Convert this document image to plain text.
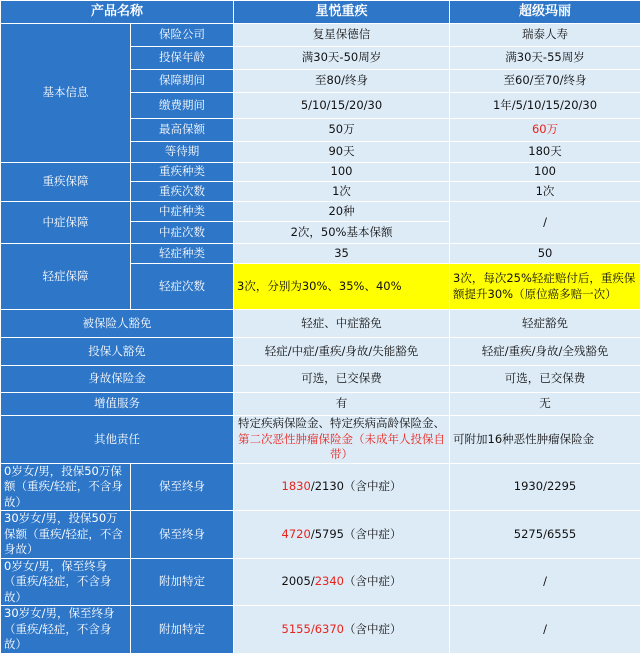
产品名称		星悦重疾	超级玛丽
基本信息	保险公司	复星保德信	瑞泰人寿
	投保年龄	满30天-50周岁	满30天-55周岁
	保障期间	至80/终身	至60/至70/终身
	缴费期间	5/10/15/20/30	1年/5/10/15/20/30
	最高保额	50万	60万
	等待期	90天	180天
重疾保障	重疾种类	100	100
	重疾次数	1次	1次
中症保障	中症种类	20种	/
	中症次数	2次，50%基本保额	
轻症保障	轻症种类	35	50
	轻症次数	3次，分别为30%、35%、40%	3次，每次25%轻症赔付后，重疾保额提升30%（原位癌多赔一次）
被保险人豁免		轻症、中症豁免	轻症豁免
投保人豁免		轻症/中症/重疾/身故/失能豁免	轻症/重疾/身故/全残豁免
身故保险金		可选，已交保费	可选，已交保费
增值服务		有	无
其他责任		特定疾病保险金、特定疾病高龄保险金、第二次恶性肿瘤保险金（未成年人投保自带）	可附加16种恶性肿瘤保险金
0岁女/男，投保50万保额（重疾/轻症，不含身故）	保至终身	1830/2130（含中症）	1930/2295
30岁女/男，投保50万保额（重疾/轻症，不含身故）	保至终身	4720/5795（含中症）	5275/6555
0岁女/男，保至终身（重疾/轻症，不含身故）	附加特定	2005/2340（含中症）	/
30岁女/男，保至终身（重疾/轻症，不含身故）	附加特定	5155/6370（含中症）	/
